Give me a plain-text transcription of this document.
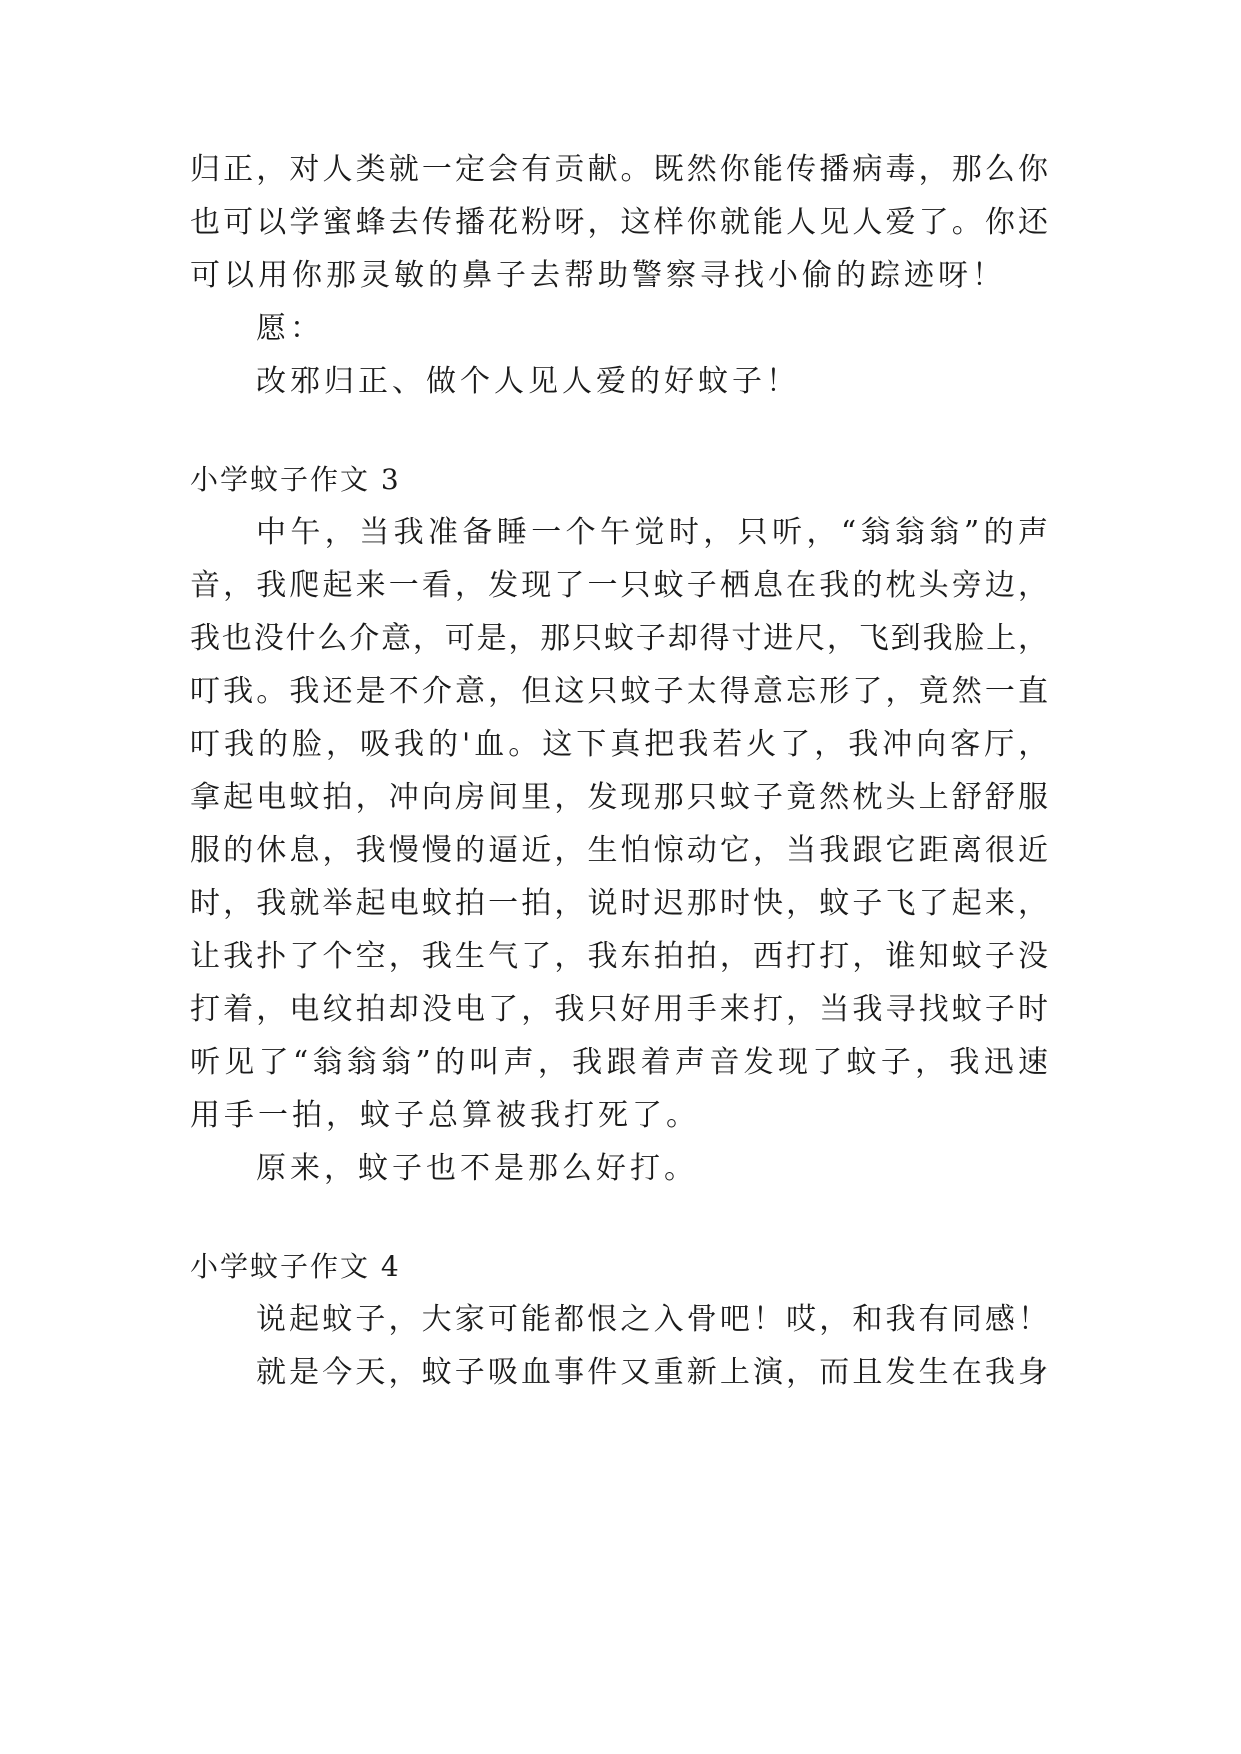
归正，对人类就一定会有贡献。既然你能传播病毒，那么你
也可以学蜜蜂去传播花粉呀，这样你就能人见人爱了。你还
可以用你那灵敏的鼻子去帮助警察寻找小偷的踪迹呀！
愿：
改邪归正、做个人见人爱的好蚊子！
小学蚊子作文 3
中午，当我准备睡一个午觉时，只听，“翁翁翁”的声
音，我爬起来一看，发现了一只蚊子栖息在我的枕头旁边，
我也没什么介意，可是，那只蚊子却得寸进尺，飞到我脸上，
叮我。我还是不介意，但这只蚊子太得意忘形了，竟然一直
叮我的脸，吸我的'血。这下真把我若火了，我冲向客厅，
拿起电蚊拍，冲向房间里，发现那只蚊子竟然枕头上舒舒服
服的休息，我慢慢的逼近，生怕惊动它，当我跟它距离很近
时，我就举起电蚊拍一拍，说时迟那时快，蚊子飞了起来，
让我扑了个空，我生气了，我东拍拍，西打打，谁知蚊子没
打着，电纹拍却没电了，我只好用手来打，当我寻找蚊子时
听见了“翁翁翁”的叫声，我跟着声音发现了蚊子，我迅速
用手一拍，蚊子总算被我打死了。
原来，蚊子也不是那么好打。
小学蚊子作文 4
说起蚊子，大家可能都恨之入骨吧！哎，和我有同感！
就是今天，蚊子吸血事件又重新上演，而且发生在我身
